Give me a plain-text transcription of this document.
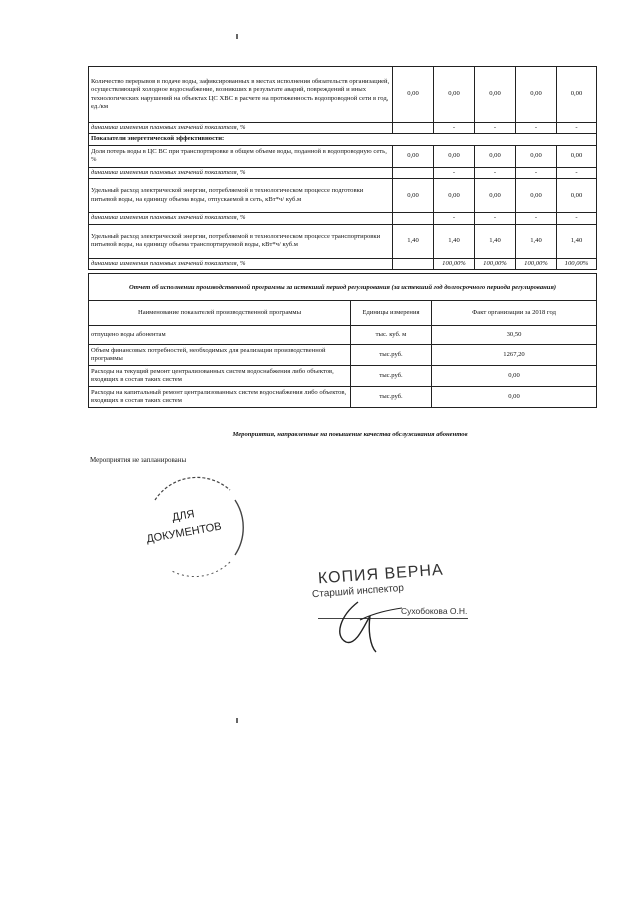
Количество перерывов в подаче воды, зафиксированных в местах исполнения обязательств организацией, осуществляющей холодное водоснабжение, возникших в результате аварий, повреждений и иных технологических нарушений на объектах ЦС ХВС в расчете на протяженность водопроводной сети в год, ед./км	0,00	0,00	0,00	0,00	0,00
динамика изменения плановых значений показателя, %		-	-	-	-
Показатели энергетической эффективности:					
Доля потерь воды в ЦС ВС при транспортировке в общем объеме воды, поданной в водопроводную сеть, %	0,00	0,00	0,00	0,00	0,00
динамика изменения плановых значений показателя, %		-	-	-	-
Удельный расход электрической энергии, потребляемой в технологическом процессе подготовки питьевой воды, на единицу объема воды, отпускаемой в сеть, кВт*ч/ куб.м	0,00	0,00	0,00	0,00	0,00
динамика изменения плановых значений показателя, %		-	-	-	-
Удельный расход электрической энергии, потребляемой в технологическом процессе транспортировки питьевой воды, на единицу объема транспортируемой воды, кВт*ч/ куб.м	1,40	1,40	1,40	1,40	1,40
динамика изменения плановых значений показателя, %		100,00%	100,00%	100,00%	100,00%
Отчет об исполнении производственной программы за истекший период регулирования (за истекший год долгосрочного периода регулирования)		
Наименование показателей производственной программы	Единицы измерения	Факт организации за 2018 год
отпущено воды абонентам	тыс. куб. м	30,50
Объем финансовых потребностей, необходимых для реализации производственной программы	тыс.руб.	1267,20
Расходы на текущий ремонт централизованных систем водоснабжения либо объектов, входящих в состав таких систем	тыс.руб.	0,00
Расходы на капитальный ремонт централизованных систем водоснабжения либо объектов, входящих в состав таких систем	тыс.руб.	0,00
Мероприятия, направленные на повышение качества обслуживания абонентов
Мероприятия не запланированы
ДЛЯ
ДОКУМЕНТОВ
КОПИЯ ВЕРНА
Старший инспектор
Сухобокова О.Н.
